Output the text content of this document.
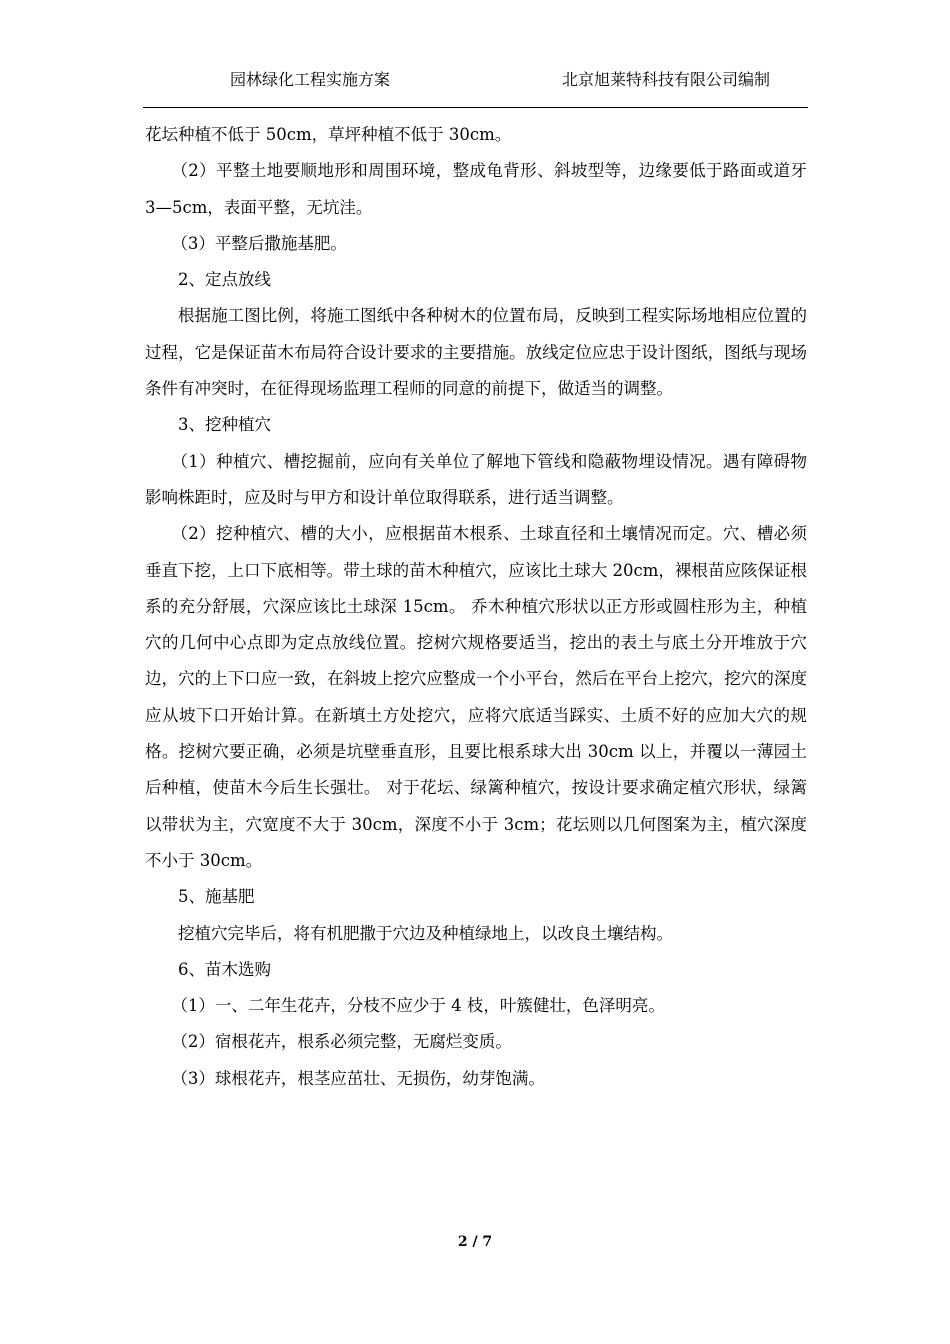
园林绿化工程实施方案	北京旭莱特科技有限公司编制

花坛种植不低于 50cm，草坪种植不低于 30cm。

（2）平整土地要顺地形和周围环境，整成龟背形、斜坡型等，边缘要低于路面或道牙 3—5cm，表面平整，无坑洼。

（3）平整后撒施基肥。

2、定点放线

根据施工图比例，将施工图纸中各种树木的位置布局，反映到工程实际场地相应位置的过程，它是保证苗木布局符合设计要求的主要措施。放线定位应忠于设计图纸，图纸与现场条件有冲突时，在征得现场监理工程师的同意的前提下，做适当的调整。

3、挖种植穴

（1）种植穴、槽挖掘前，应向有关单位了解地下管线和隐蔽物埋设情况。遇有障碍物影响株距时，应及时与甲方和设计单位取得联系，进行适当调整。

（2）挖种植穴、槽的大小，应根据苗木根系、土球直径和土壤情况而定。穴、槽必须垂直下挖，上口下底相等。带土球的苗木种植穴，应该比土球大 20cm，裸根苗应陔保证根系的充分舒展，穴深应该比土球深 15cm。 乔木种植穴形状以正方形或圆柱形为主，种植穴的几何中心点即为定点放线位置。挖树穴规格要适当，挖出的表土与底土分开堆放于穴边，穴的上下口应一致，在斜坡上挖穴应整成一个小平台，然后在平台上挖穴，挖穴的深度应从坡下口开始计算。在新填土方处挖穴，应将穴底适当踩实、土质不好的应加大穴的规格。挖树穴要正确，必须是坑壁垂直形，且要比根系球大出 30cm 以上，并覆以一薄园土后种植，使苗木今后生长强壮。 对于花坛、绿篱种植穴，按设计要求确定植穴形状，绿篱以带状为主，穴宽度不大于 30cm，深度不小于 3cm；花坛则以几何图案为主，植穴深度不小于 30cm。

5、施基肥

挖植穴完毕后，将有机肥撒于穴边及种植绿地上，以改良土壤结构。

6、苗木选购

（1）一、二年生花卉，分枝不应少于 4 枝，叶簇健壮，色泽明亮。

（2）宿根花卉，根系必须完整，无腐烂变质。

（3）球根花卉，根茎应茁壮、无损伤，幼芽饱满。

2 / 7
